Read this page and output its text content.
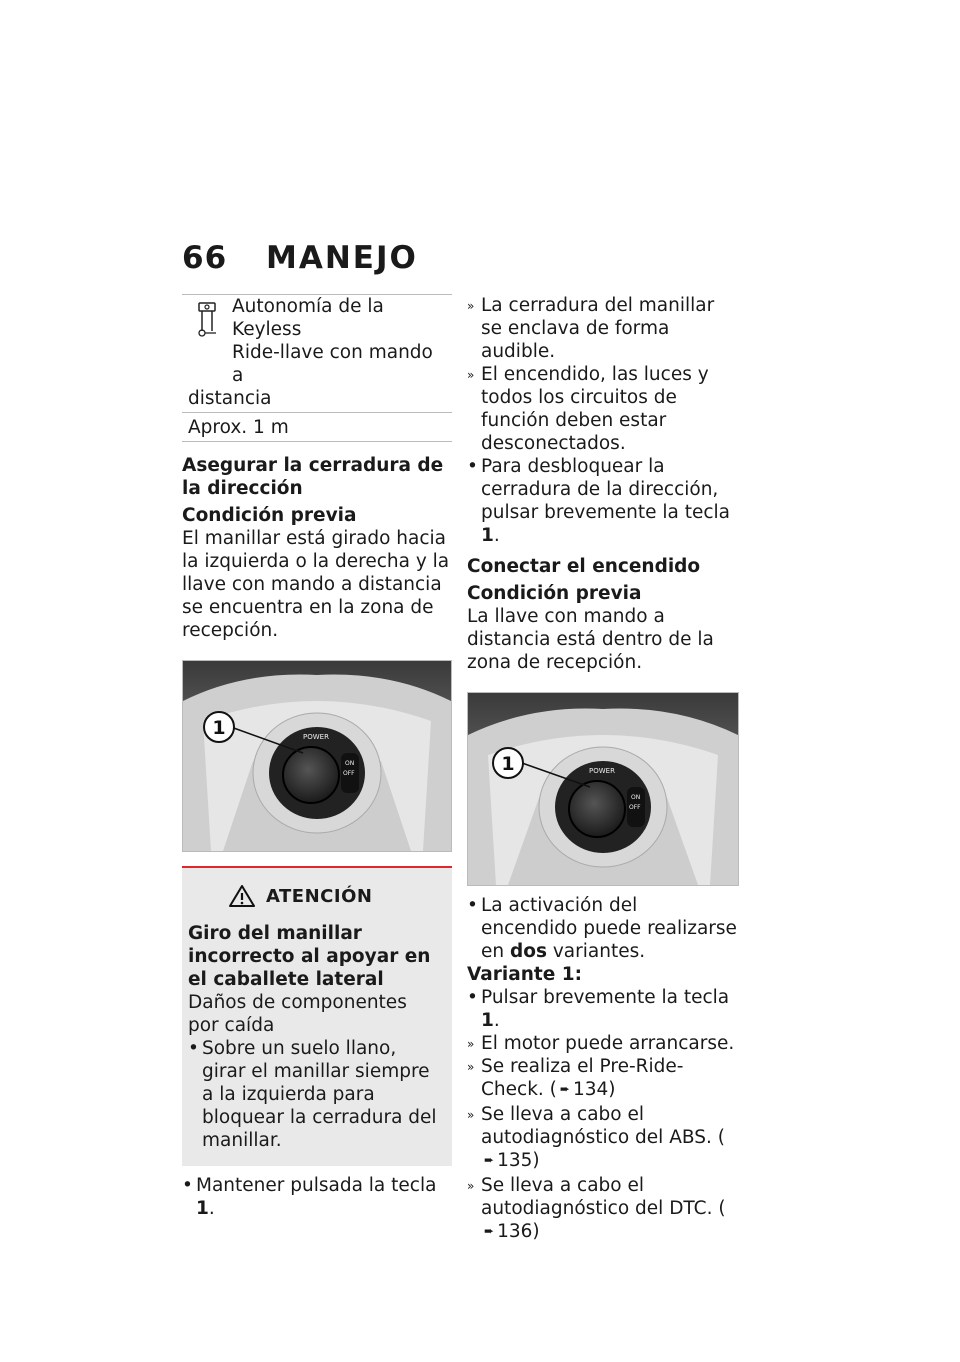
66 MANEJO
Autonomía de la Keyless
Ride-llave con mando a
distancia
Aprox. 1 m
Asegurar la cerradura de la dirección
Condición previa

El manillar está girado hacia la izquierda o la derecha y la llave con mando a distancia se encuentra en la zona de recepción.

POWER
ON
OFF
1
ATENCIÓN
Giro del manillar incorrecto al apoyar en el caballete lateral

Daños de componentes por caída

• Sobre un suelo llano, girar el manillar siempre a la izquierda para bloquear la cerradura del manillar.
• Mantener pulsada la tecla 1.
» La cerradura del manillar se enclava de forma audible.
» El encendido, las luces y todos los circuitos de función deben estar desconectados.
• Para desbloquear la cerradura de la dirección, pulsar brevemente la tecla 1.
Conectar el encendido
Condición previa

La llave con mando a distancia está dentro de la zona de recepción.

POWER
ON
OFF
1
• La activación del encendido puede realizarse en dos variantes.
Variante 1:
• Pulsar brevemente la tecla 1.
» El motor puede arrancarse.
» Se realiza el Pre-Ride-Check. ( ➨ 134)
» Se lleva a cabo el autodiagnóstico del ABS. (➨ 135)
» Se lleva a cabo el autodiagnóstico del DTC. (➨ 136)
